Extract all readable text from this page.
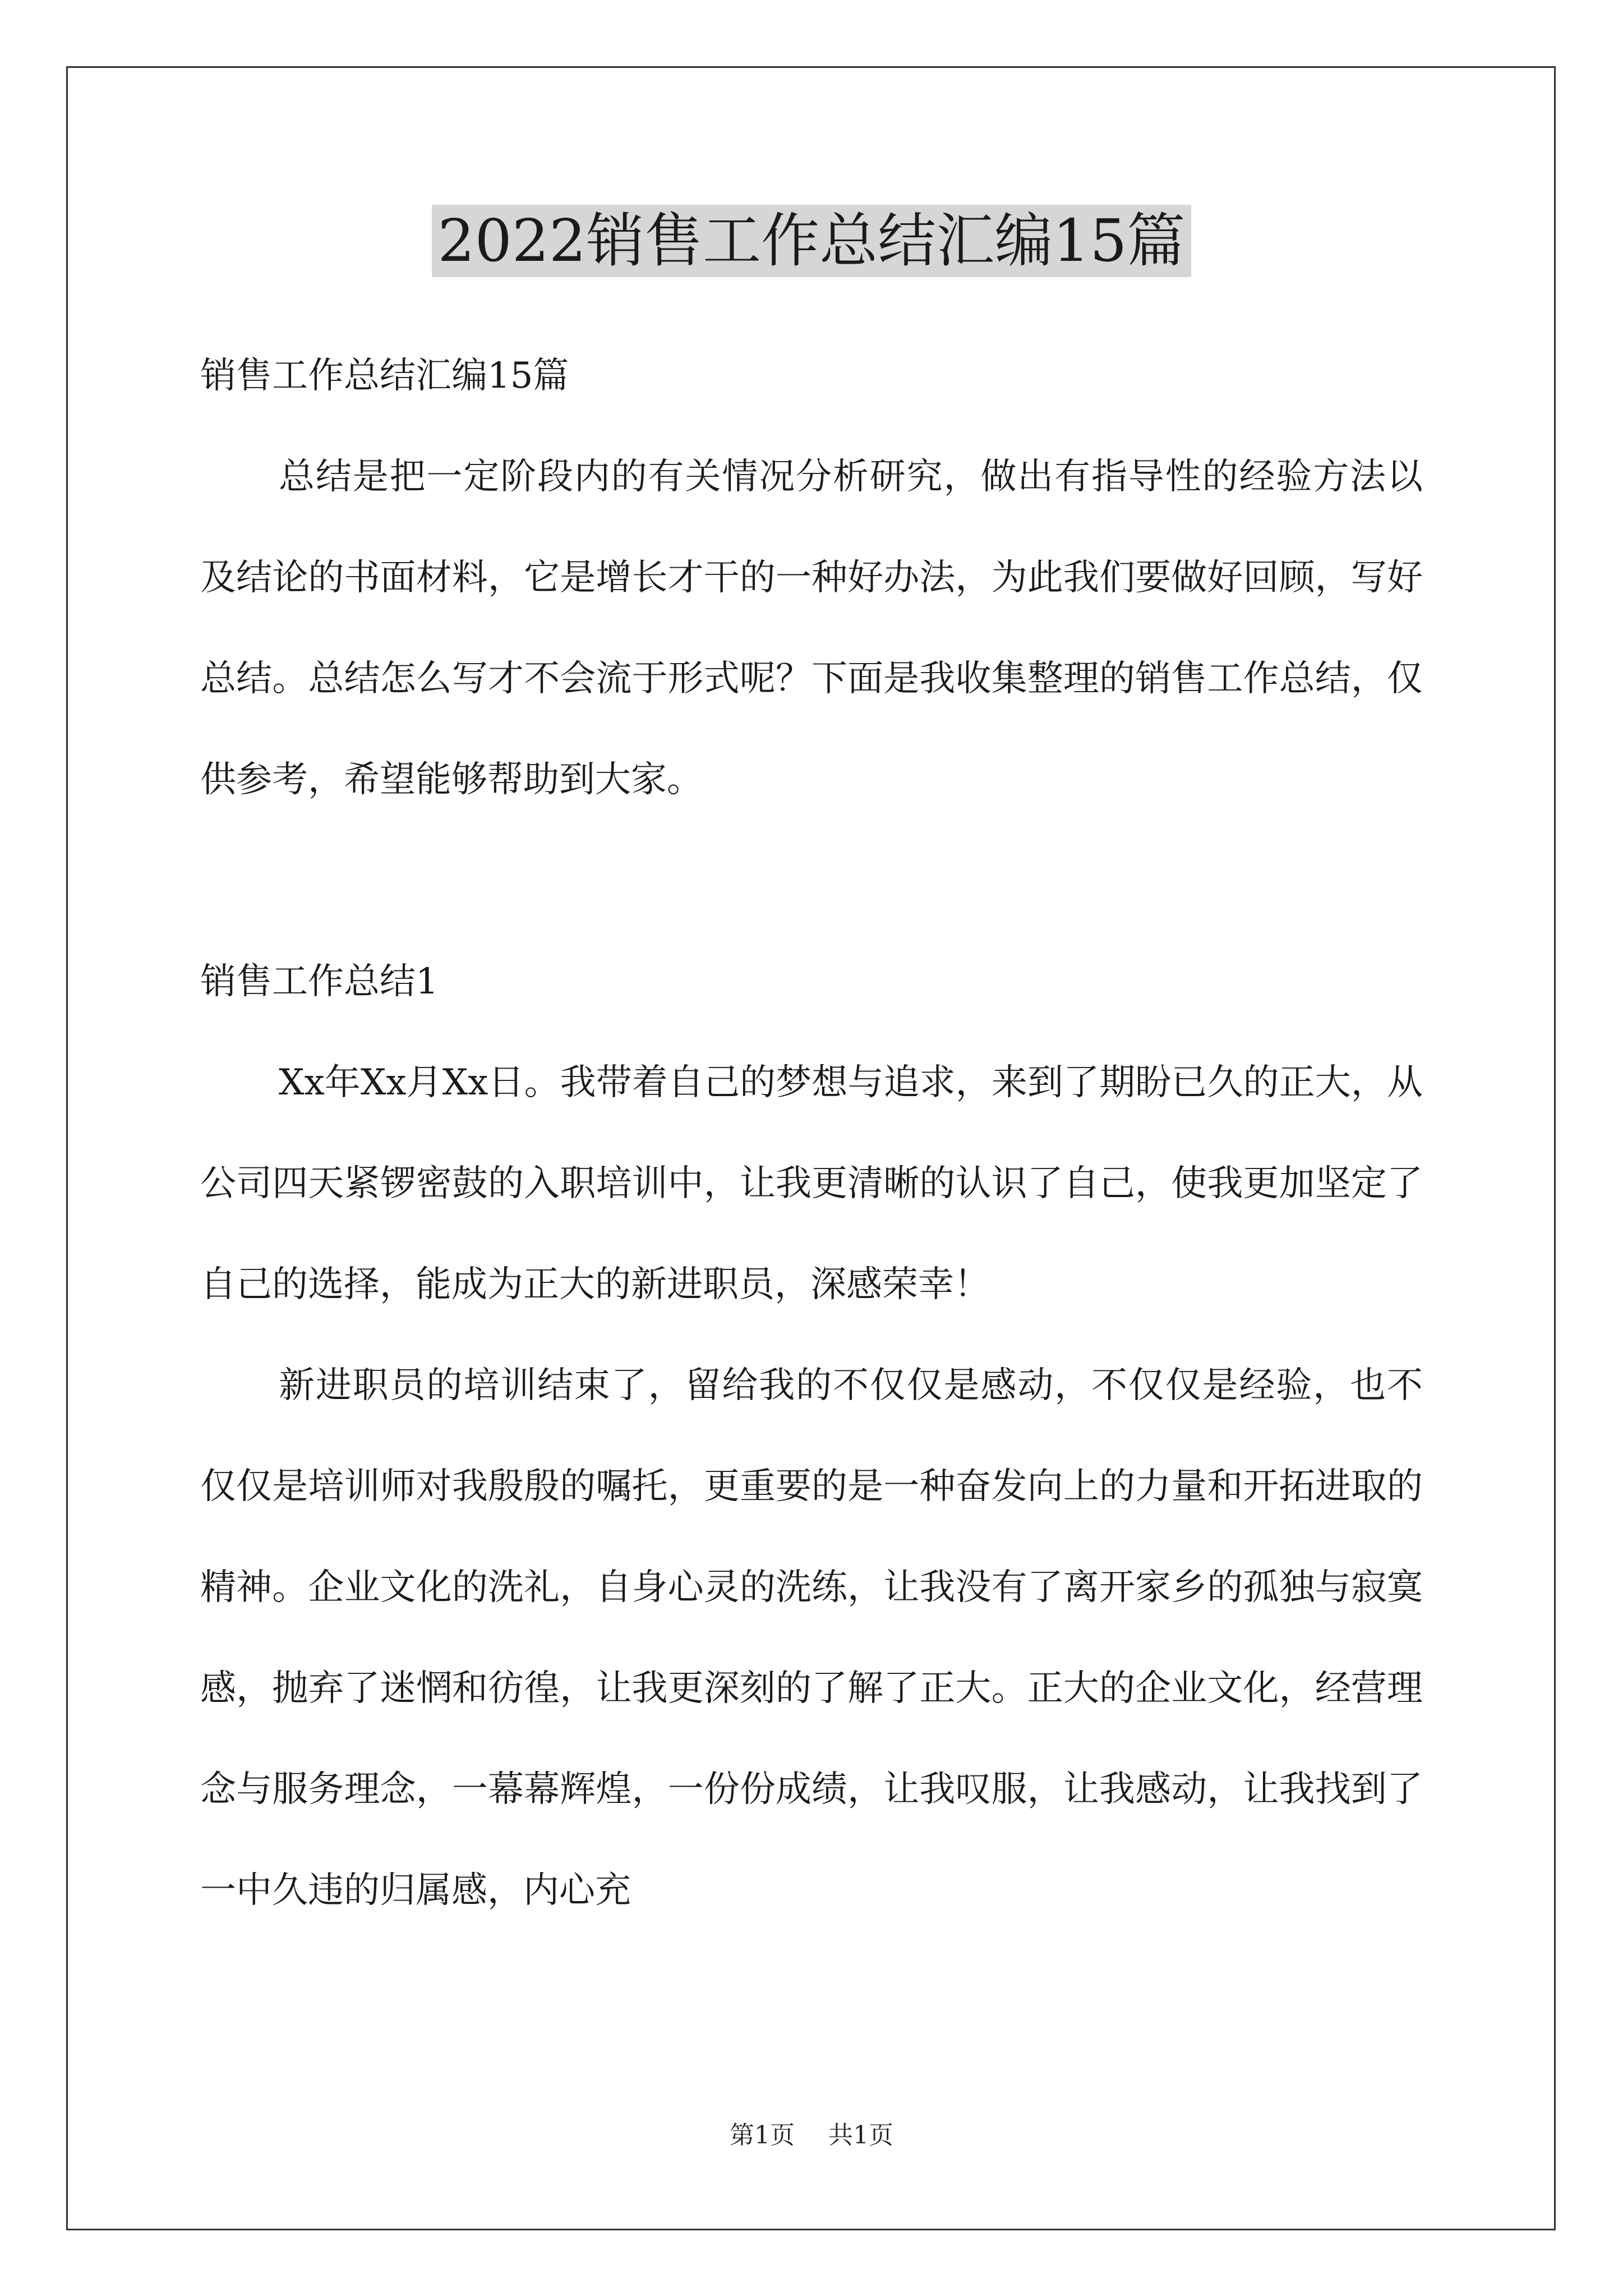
2022销售工作总结汇编15篇

销售工作总结汇编15篇

总结是把一定阶段内的有关情况分析研究，做出有指导性的经验方法以及结论的书面材料，它是增长才干的一种好办法，为此我们要做好回顾，写好总结。总结怎么写才不会流于形式呢？下面是我收集整理的销售工作总结，仅供参考，希望能够帮助到大家。

销售工作总结1

Xx年Xx月Xx日。我带着自己的梦想与追求，来到了期盼已久的正大，从公司四天紧锣密鼓的入职培训中，让我更清晰的认识了自己，使我更加坚定了自己的选择，能成为正大的新进职员，深感荣幸！

新进职员的培训结束了，留给我的不仅仅是感动，不仅仅是经验，也不仅仅是培训师对我殷殷的嘱托，更重要的是一种奋发向上的力量和开拓进取的精神。企业文化的洗礼，自身心灵的洗练，让我没有了离开家乡的孤独与寂寞感，抛弃了迷惘和彷徨，让我更深刻的了解了正大。正大的企业文化，经营理念与服务理念，一幕幕辉煌，一份份成绩，让我叹服，让我感动，让我找到了一中久违的归属感，内心充

第1页 共1页
